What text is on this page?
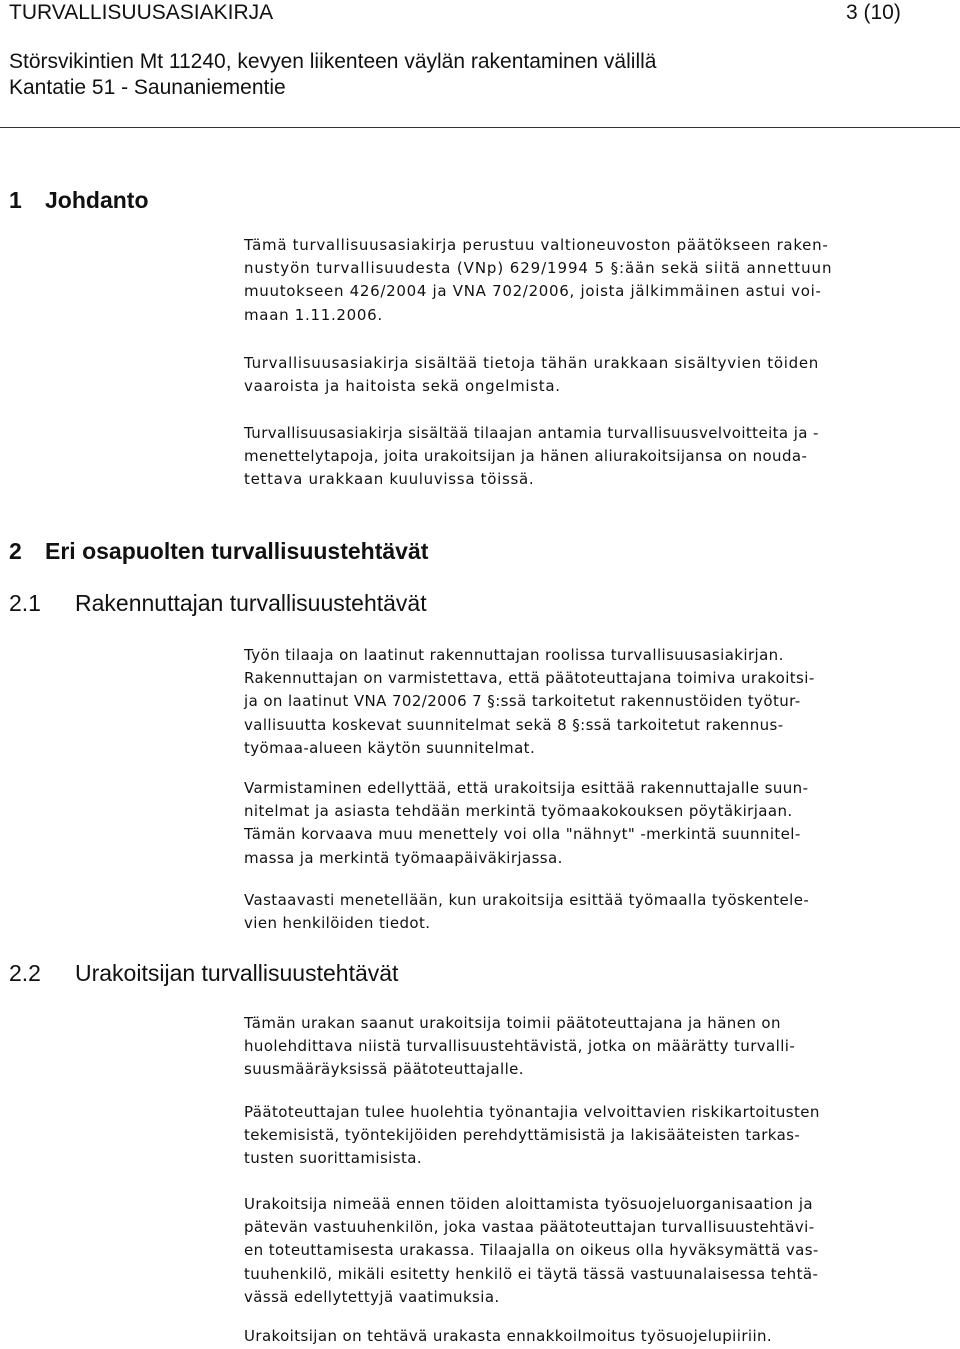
TURVALLISUUSASIAKIRJA	3 (10)
Störsvikintien Mt 11240, kevyen liikenteen väylän rakentaminen välillä
Kantatie 51 - Saunaniementie
1 Johdanto
Tämä turvallisuusasiakirja perustuu valtioneuvoston päätökseen raken-
nustyön turvallisuudesta (VNp) 629/1994 5 §:ään sekä siitä annettuun
muutokseen 426/2004 ja VNA 702/2006, joista jälkimmäinen astui voi-
maan 1.11.2006.
Turvallisuusasiakirja sisältää tietoja tähän urakkaan sisältyvien töiden
vaaroista ja haitoista sekä ongelmista.
Turvallisuusasiakirja sisältää tilaajan antamia turvallisuusvelvoitteita ja -
menettelytapoja, joita urakoitsijan ja hänen aliurakoitsijansa on nouda-
tettava urakkaan kuuluvissa töissä.
2 Eri osapuolten turvallisuustehtävät
2.1 Rakennuttajan turvallisuustehtävät
Työn tilaaja on laatinut rakennuttajan roolissa turvallisuusasiakirjan.
Rakennuttajan on varmistettava, että päätoteuttajana toimiva urakoitsi-
ja on laatinut VNA 702/2006 7 §:ssä tarkoitetut rakennustöiden työtur-
vallisuutta koskevat suunnitelmat sekä 8 §:ssä tarkoitetut rakennus-
työmaa-alueen käytön suunnitelmat.
Varmistaminen edellyttää, että urakoitsija esittää rakennuttajalle suun-
nitelmat ja asiasta tehdään merkintä työmaakokouksen pöytäkirjaan.
Tämän korvaava muu menettely voi olla "nähnyt" -merkintä suunnitel-
massa ja merkintä työmaapäiväkirjassa.
Vastaavasti menetellään, kun urakoitsija esittää työmaalla työskentele-
vien henkilöiden tiedot.
2.2 Urakoitsijan turvallisuustehtävät
Tämän urakan saanut urakoitsija toimii päätoteuttajana ja hänen on
huolehdittava niistä turvallisuustehtävistä, jotka on määrätty turvalli-
suusmääräyksissä päätoteuttajalle.
Päätoteuttajan tulee huolehtia työnantajia velvoittavien riskikartoitusten
tekemisistä, työntekijöiden perehdyttämisistä ja lakisääteisten tarkas-
tusten suorittamisista.
Urakoitsija nimeää ennen töiden aloittamista työsuojeluorganisaation ja
pätevän vastuuhenkilön, joka vastaa päätoteuttajan turvallisuustehtävi-
en toteuttamisesta urakassa. Tilaajalla on oikeus olla hyväksymättä vas-
tuuhenkilö, mikäli esitetty henkilö ei täytä tässä vastuunalaisessa tehtä-
vässä edellytettyjä vaatimuksia.
Urakoitsijan on tehtävä urakasta ennakkoilmoitus työsuojelupiiriin.
